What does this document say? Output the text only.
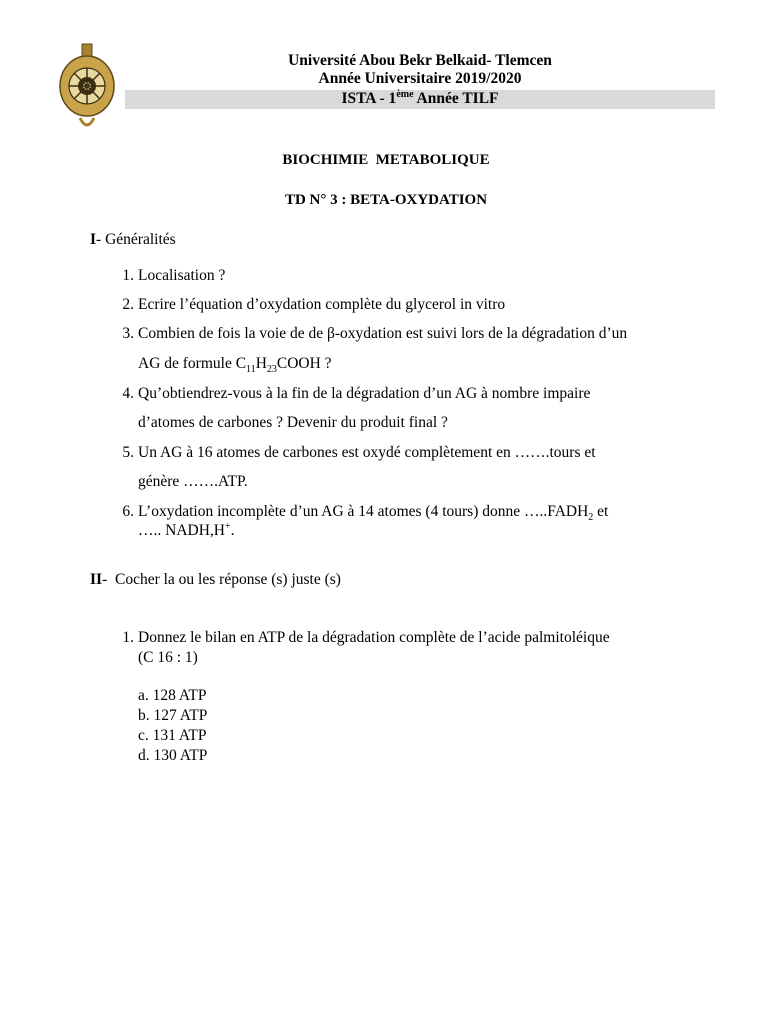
Université Abou Bekr Belkaid- Tlemcen
Année Universitaire 2019/2020
ISTA - 1ème Année TILF
BIOCHIMIE  METABOLIQUE
TD N° 3 : BETA-OXYDATION
I- Généralités
1. Localisation ?
2. Ecrire l’équation d’oxydation complète du glycerol in vitro
3. Combien de fois la voie de de β-oxydation est suivi lors de la dégradation d’un
AG de formule $C_{11}H_{23}COOH$ ?
4. Qu’obtiendrez-vous à la fin de la dégradation d’un AG à nombre impaire
d’atomes de carbones ? Devenir du produit final ?
5. Un AG à 16 atomes de carbones est oxydé complètement en …….tours et
génère …….ATP.
6. L’oxydation incomplète d’un AG à 14 atomes (4 tours) donne $\dots..FADH_2$ et
….. NADH,H+.
II-  Cocher la ou les réponse (s) juste (s)
1. Donnez le bilan en ATP de la dégradation complète de l’acide palmitoléique
(C 16 : 1)
a. 128 ATP
b. 127 ATP
c. 131 ATP
d. 130 ATP
